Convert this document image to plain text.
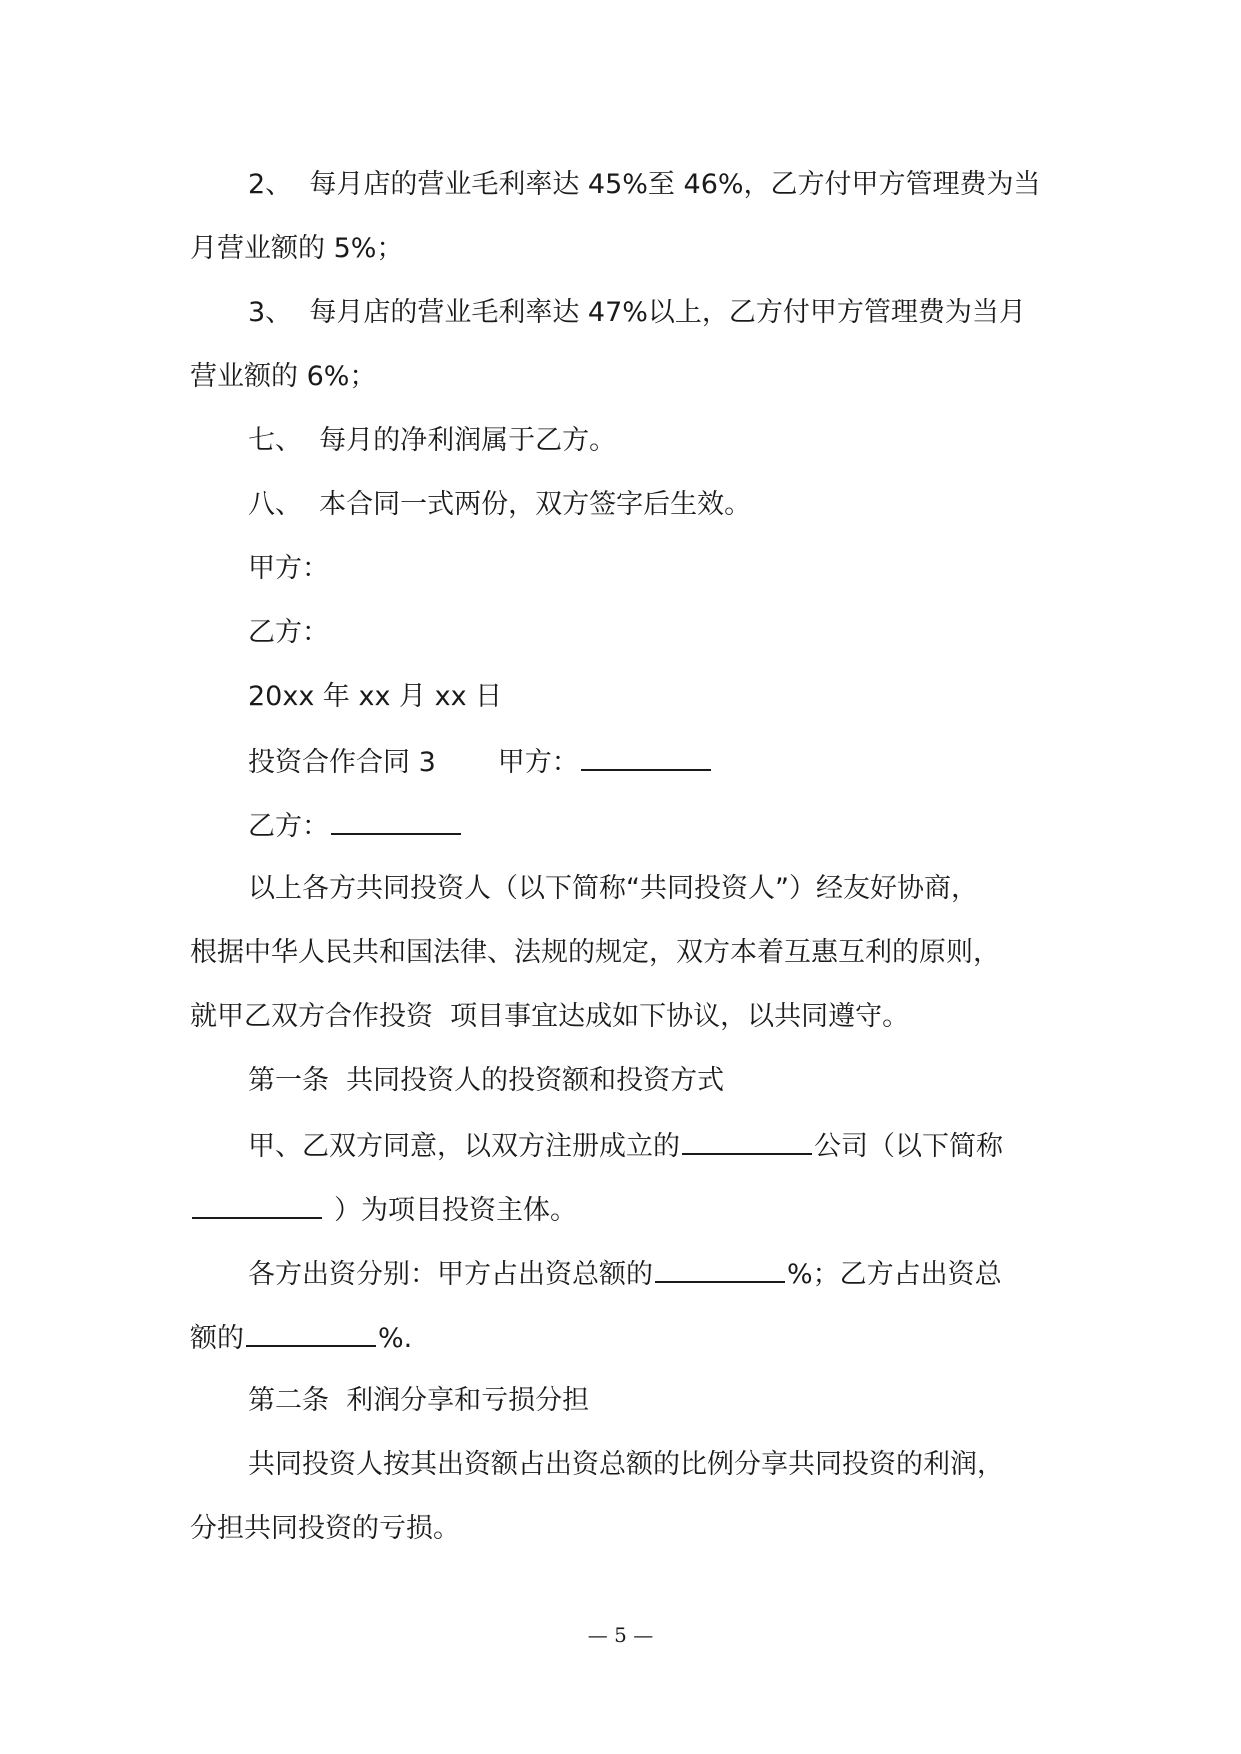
2、  每月店的营业毛利率达 45%至 46%，乙方付甲方管理费为当
月营业额的 5%；
3、  每月店的营业毛利率达 47%以上，乙方付甲方管理费为当月
营业额的 6%；
七、  每月的净利润属于乙方。
八、  本合同一式两份，双方签字后生效。
甲方：
乙方：
20xx 年 xx 月 xx 日
投资合作合同 3 甲方：
乙方：
以上各方共同投资人（以下简称“共同投资人”）经友好协商，
根据中华人民共和国法律、法规的规定，双方本着互惠互利的原则，
就甲乙双方合作投资  项目事宜达成如下协议，以共同遵守。
第一条  共同投资人的投资额和投资方式
甲、乙双方同意，以双方注册成立的	公司（以下简称
）为项目投资主体。
各方出资分别：甲方占出资总额的	%；乙方占出资总
额的	%.
第二条  利润分享和亏损分担
共同投资人按其出资额占出资总额的比例分享共同投资的利润，
分担共同投资的亏损。
— 5 —
